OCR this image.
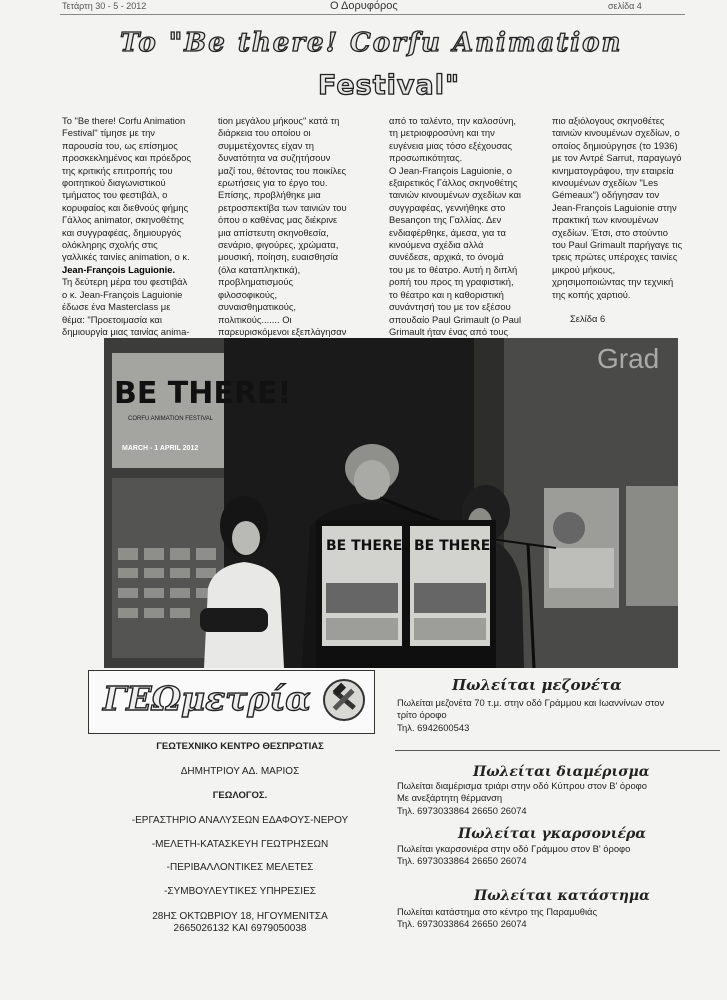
Τετάρτη 30 - 5 - 2012	Ο Δορυφόρος	σελίδα 4
To "Be there! Corfu Animation
Festival"

Το "Be there! Corfu Animation

Festival" τίμησε με την

παρουσία του, ως επίσημος

προσκεκλημένος και πρόεδρος

της κριτικής επιτροπής του

φοιτητικού διαγωνιστικού

τμήματος του φεστιβάλ, ο

κορυφαίος και διεθνούς φήμης

Γάλλος animator, σκηνοθέτης

και συγγραφέας, δημιουργός

ολόκληρης σχολής στις

γαλλικές ταινίες animation, ο κ.

Jean-François Laguionie.

Τη δεύτερη μέρα του φεστιβάλ

ο κ. Jean-François Laguionie

έδωσε ένα Masterclass με

θέμα: "Προετοιμασία και

δημιουργία μιας ταινίας anima-

tion μεγάλου μήκους" κατά τη

διάρκεια του οποίου οι

συμμετέχοντες είχαν τη

δυνατότητα να συζητήσουν

μαζί του, θέτοντας του ποικίλες

ερωτήσεις για το έργο του.

Επίσης, προβλήθηκε μια

ρετροσπεκτίβα των ταινιών του

όπου ο καθένας μας διέκρινε

μια απίστευτη σκηνοθεσία,

σενάριο, φιγούρες, χρώματα,

μουσική, ποίηση, ευαισθησία

(όλα καταπληκτικά),

προβληματισμούς

φιλοσοφικούς,

συναισθηματικούς,

πολιτικούς....... Οι

παρευρισκόμενοι εξεπλάγησαν

από το ταλέντο, την καλοσύνη,

τη μετριοφροσύνη και την

ευγένεια μιας τόσο εξέχουσας

προσωπικότητας.

Ο Jean-François Laguionie, ο

εξαιρετικός Γάλλος σκηνοθέτης

ταινιών κινουμένων σχεδίων και

συγγραφέας, γεννήθηκε στο

Besançon της Γαλλίας. Δεν

ενδιαφέρθηκε, άμεσα, για τα

κινούμενα σχέδια αλλά

συνέδεσε, αρχικά, το όνομά

του με το θέατρο. Αυτή η διπλή

ροπή του προς τη γραφιστική,

το θέατρο και η καθοριστική

συνάντησή του με τον εξέσου

σπουδαίο Paul Grimault (ο Paul

Grimault ήταν ένας από τους

πιο αξιόλογους σκηνοθέτες

ταινιών κινουμένων σχεδίων, ο

οποίος δημιούργησε (το 1936)

με τον Αντρέ Sarrut, παραγωγό

κινηματογράφου, την εταιρεία

κινουμένων σχεδίων "Les

Gémeaux") οδήγησαν τον

Jean-François Laguionie στην

πρακτική των κινουμένων

σχεδίων. Έτσι, στο στούντιο

του Paul Grimault παρήγαγε τις

τρεις πρώτες υπέροχες ταινίες

μικρού μήκους,

χρησιμοποιώντας την τεχνική

της κοπής χαρτιού.

Σελίδα 6

Grad
BE THERE!
CORFU ANIMATION FESTIVAL
MARCH - 1 APRIL 2012
BE THERE! BE THERE!
ΓΕΩμετρία
ΓΕΩΤΕΧΝΙΚΟ ΚΕΝΤΡΟ ΘΕΣΠΡΩΤΙΑΣ
ΔΗΜΗΤΡΙΟΥ ΑΔ. ΜΑΡΙΟΣ
ΓΕΩΛΟΓΟΣ.
-ΕΡΓΑΣΤΗΡΙΟ ΑΝΑΛΥΣΕΩΝ ΕΔΑΦΟΥΣ-ΝΕΡΟΥ
-ΜΕΛΕΤΗ-ΚΑΤΑΣΚΕΥΗ ΓΕΩΤΡΗΣΕΩΝ
-ΠΕΡΙΒΑΛΛΟΝΤΙΚΕΣ ΜΕΛΕΤΕΣ
-ΣΥΜΒΟΥΛΕΥΤΙΚΕΣ ΥΠΗΡΕΣΙΕΣ
28ΗΣ ΟΚΤΩΒΡΙΟΥ 18, ΗΓΟΥΜΕΝΙΤΣΑ
2665026132 ΚΑΙ 6979050038
Πωλείται μεζονέτα

Πωλείται μεζονέτα 70 τ.μ. στην οδό Γράμμου και Ιωαννίνων στον

τρίτο όροφο

Τηλ. 6942600543

Πωλείται διαμέρισμα

Πωλείται διαμέρισμα τριάρι στην οδό Κύπρου στον Β' όροφο

Με ανεξάρτητη θέρμανση

Τηλ. 6973033864 26650 26074

Πωλείται γκαρσονιέρα

Πωλείται γκαρσονιέρα στην οδό Γράμμου στον Β' όροφο

Τηλ. 6973033864 26650 26074

Πωλείται κατάστημα

Πωλείται κατάστημα στο κέντρο της Παραμυθιάς

Τηλ. 6973033864 26650 26074
